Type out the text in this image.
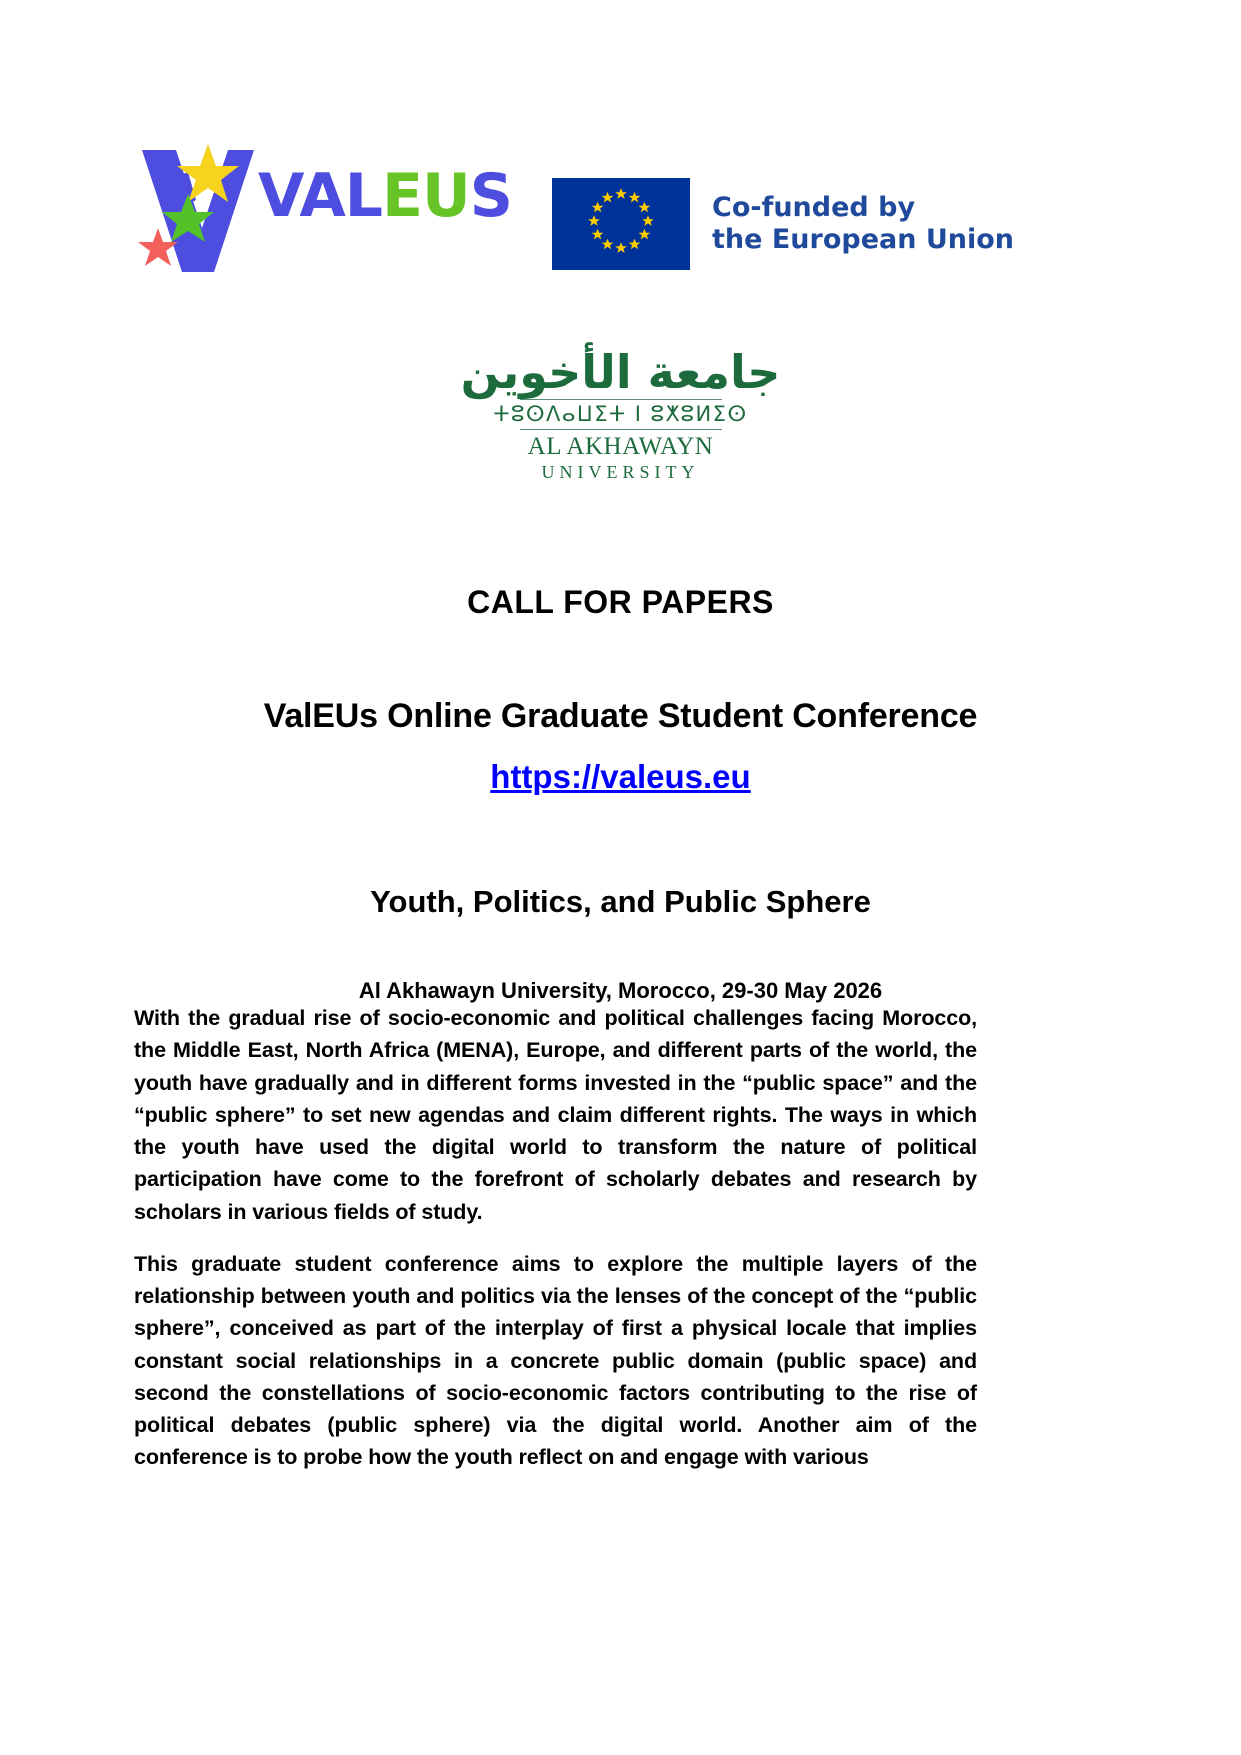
VALEUS	Co-funded by
the European Union
جامعة الأخوين
ⵜⵓⵙⴷⴰⵡⵉⵜ ⵏ ⵓⵅⵓⵍⵉⵙ
AL AKHAWAYN
UNIVERSITY
CALL FOR PAPERS
ValEUs Online Graduate Student Conference
https://valeus.eu
Youth, Politics, and Public Sphere
Al Akhawayn University, Morocco, 29-30 May 2026

With the gradual rise of socio-economic and political challenges facing Morocco, the Middle East, North Africa (MENA), Europe, and different parts of the world, the youth have gradually and in different forms invested in the “public space” and the “public sphere” to set new agendas and claim different rights. The ways in which the youth have used the digital world to transform the nature of political participation have come to the forefront of scholarly debates and research by scholars in various fields of study.

This graduate student conference aims to explore the multiple layers of the relationship between youth and politics via the lenses of the concept of the “public sphere”, conceived as part of the interplay of first a physical locale that implies constant social relationships in a concrete public domain (public space) and second the constellations of socio-economic factors contributing to the rise of political debates (public sphere) via the digital world. Another aim of the conference is to probe how the youth reflect on and engage with various
